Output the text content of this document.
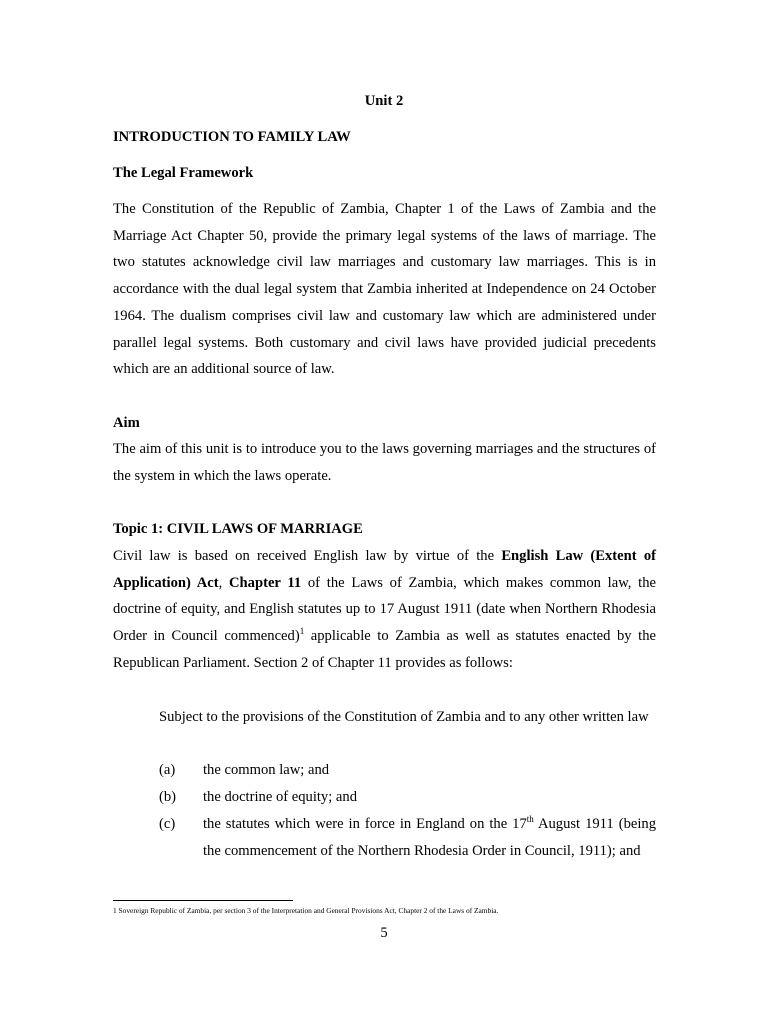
Unit 2
INTRODUCTION TO FAMILY LAW
The Legal Framework

The Constitution of the Republic of Zambia, Chapter 1 of the Laws of Zambia and the Marriage Act Chapter 50, provide the primary legal systems of the laws of marriage. The two statutes acknowledge civil law marriages and customary law marriages. This is in accordance with the dual legal system that Zambia inherited at Independence on 24 October 1964. The dualism comprises civil law and customary law which are administered under parallel legal systems. Both customary and civil laws have provided judicial precedents which are an additional source of law.

Aim

The aim of this unit is to introduce you to the laws governing marriages and the structures of the system in which the laws operate.

Topic 1: CIVIL LAWS OF MARRIAGE

Civil law is based on received English law by virtue of the English Law (Extent of Application) Act, Chapter 11 of the Laws of Zambia, which makes common law, the doctrine of equity, and English statutes up to 17 August 1911 (date when Northern Rhodesia Order in Council commenced)$^1$ applicable to Zambia as well as statutes enacted by the Republican Parliament. Section 2 of Chapter 11 provides as follows:

Subject to the provisions of the Constitution of Zambia and to any other written law
(a) the common law; and
(b) the doctrine of equity; and
(c) the statutes which were in force in England on the 17th August 1911 (being the commencement of the Northern Rhodesia Order in Council, 1911); and
1 Sovereign Republic of Zambia, per section 3 of the Interpretation and General Provisions Act, Chapter 2 of the Laws of Zambia.
5
